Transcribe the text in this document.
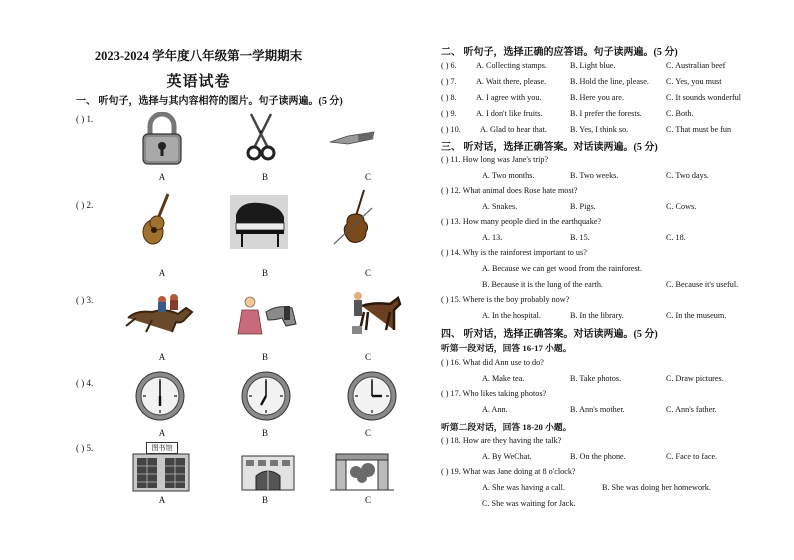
2023-2024 学年度八年级第一学期期末
英语试卷
一、 听句子，选择与其内容相符的图片。句子读两遍。(5 分)
( ) 1.
( ) 2.
( ) 3.
( ) 4.
( ) 5.
A	B	C
A	B	C
A	B	C
A	B	C
图书馆
A	B	C
二、 听句子，选择正确的应答语。句子读两遍。(5 分)
( ) 6. A. Collecting stamps.	B. Light blue.	C. Australian beef
( ) 7. A. Wait there, please.	B. Hold the line, please. C. Yes, you must
( ) 8. A. I agree with you.	B. Here you are.	C. It sounds wonderful
( ) 9. A. I don't like fruits.	B. I prefer the forests.	C. Both.
( ) 10. A. Glad to hear that.	B. Yes, I think so.	C. That must be fun
三、 听对话，选择正确答案。对话读两遍。(5 分)
( ) 11. How long was Jane's trip?
A. Two months.	B. Two weeks.	C. Two days.
( ) 12. What animal does Rose hate most?
A. Snakes.	B. Pigs.	C. Cows.
( ) 13. How many people died in the earthquake?
A. 13.	B. 15.	C. 18.
( ) 14. Why is the rainforest important to us?
A. Because we can get wood from the rainforest.
B. Because it is the lung of the earth.	C. Because it's useful.
( ) 15. Where is the boy probably now?
A. In the hospital.	B. In the library.	C. In the museum.
四、 听对话，选择正确答案。对话读两遍。(5 分)
听第一段对话，回答 16-17 小题。
( ) 16. What did Ann use to do?
A. Make tea.	B. Take photos.	C. Draw pictures.
( ) 17. Who likes taking photos?
A. Ann.	B. Ann's mother.	C. Ann's father.
听第二段对话，回答 18-20 小题。
( ) 18. How are they having the talk?
A. By WeChat.	B. On the phone.	C. Face to face.
( ) 19. What was Jane doing at 8 o'clock?
A. She was having a call.	B. She was doing her homework.
C. She was waiting for Jack.
